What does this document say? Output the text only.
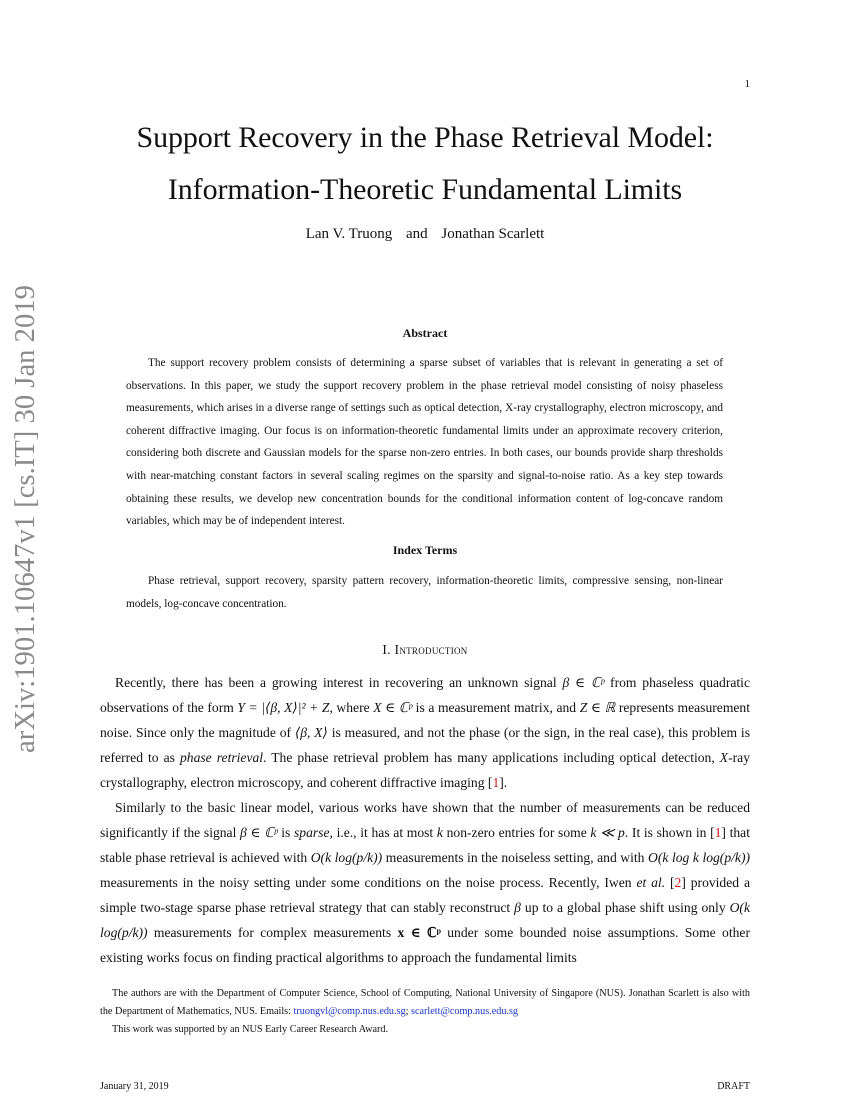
1
arXiv:1901.10647v1 [cs.IT] 30 Jan 2019
Support Recovery in the Phase Retrieval Model:
Information-Theoretic Fundamental Limits
Lan V. Truong and Jonathan Scarlett
Abstract
The support recovery problem consists of determining a sparse subset of variables that is relevant in generating a set of observations. In this paper, we study the support recovery problem in the phase retrieval model consisting of noisy phaseless measurements, which arises in a diverse range of settings such as optical detection, X-ray crystallography, electron microscopy, and coherent diffractive imaging. Our focus is on information-theoretic fundamental limits under an approximate recovery criterion, considering both discrete and Gaussian models for the sparse non-zero entries. In both cases, our bounds provide sharp thresholds with near-matching constant factors in several scaling regimes on the sparsity and signal-to-noise ratio. As a key step towards obtaining these results, we develop new concentration bounds for the conditional information content of log-concave random variables, which may be of independent interest.
Index Terms
Phase retrieval, support recovery, sparsity pattern recovery, information-theoretic limits, compressive sensing, non-linear models, log-concave concentration.
I. Introduction

Recently, there has been a growing interest in recovering an unknown signal β ∈ ℂᵖ from phaseless quadratic observations of the form Y = |⟨β, X⟩|² + Z, where X ∈ ℂᵖ is a measurement matrix, and Z ∈ ℝ represents measurement noise. Since only the magnitude of ⟨β, X⟩ is measured, and not the phase (or the sign, in the real case), this problem is referred to as phase retrieval. The phase retrieval problem has many applications including optical detection, X-ray crystallography, electron microscopy, and coherent diffractive imaging [1].

Similarly to the basic linear model, various works have shown that the number of measurements can be reduced significantly if the signal β ∈ ℂᵖ is sparse, i.e., it has at most k non-zero entries for some k ≪ p. It is shown in [1] that stable phase retrieval is achieved with O(k log(p/k)) measurements in the noiseless setting, and with O(k log k log(p/k)) measurements in the noisy setting under some conditions on the noise process. Recently, Iwen et al. [2] provided a simple two-stage sparse phase retrieval strategy that can stably reconstruct β up to a global phase shift using only O(k log(p/k)) measurements for complex measurements x ∈ ℂᵖ under some bounded noise assumptions. Some other existing works focus on finding practical algorithms to approach the fundamental limits

The authors are with the Department of Computer Science, School of Computing, National University of Singapore (NUS). Jonathan Scarlett is also with the Department of Mathematics, NUS. Emails: truongvl@comp.nus.edu.sg; scarlett@comp.nus.edu.sg

This work was supported by an NUS Early Career Research Award.

January 31, 2019	DRAFT
